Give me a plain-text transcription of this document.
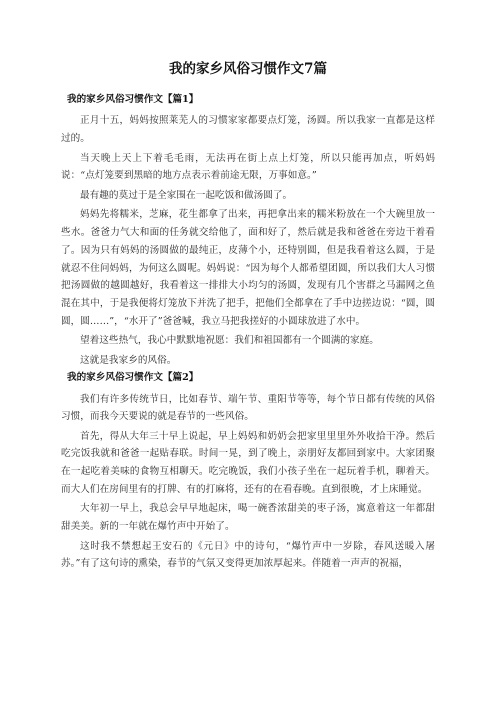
我的家乡风俗习惯作文7篇
我的家乡风俗习惯作文【篇1】

正月十五，妈妈按照莱芜人的习惯家家都要点灯笼，汤圆。所以我家一直都是这样过的。

当天晚上天上下着毛毛雨，无法再在街上点上灯笼，所以只能再加点，听妈妈说：“点灯笼要到黑暗的地方点表示着前途无限，万事如意。”

最有趣的莫过于是全家围在一起吃饭和做汤圆了。

妈妈先将糯米，芝麻，花生都拿了出来，再把拿出来的糯米粉放在一个大碗里放一些水。爸爸力气大和面的任务就交给他了，面和好了，然后就是我和爸爸在旁边干着看了。因为只有妈妈的汤圆做的最纯正，皮薄个小，还特别圆，但是我看着这么圆，于是就忍不住问妈妈，为何这么圆呢。妈妈说：“因为每个人都希望团圆，所以我们大人习惯把汤圆做的越圆越好，我看着这一排排大小均匀的汤圆，发现有几个害群之马漏网之鱼混在其中，于是我便将灯笼放下并洗了把手，把他们全都拿在了手中边搓边说：“圆，圆圆，圆……”，“水开了”爸爸喊，我立马把我搓好的小圆球放进了水中。

望着这些热气，我心中默默地祝愿：我们和祖国都有一个圆满的家庭。

这就是我家乡的风俗。

我的家乡风俗习惯作文【篇2】

我们有许多传统节日，比如春节、端午节、重阳节等等，每个节日都有传统的风俗习惯，而我今天要说的就是春节的一些风俗。

首先，得从大年三十早上说起，早上妈妈和奶奶会把家里里里外外收拾干净。然后吃完饭我就和爸爸一起贴春联。时间一晃，到了晚上，亲朋好友都回到家中。大家团聚在一起吃着美味的食物互相聊天。吃完晚饭，我们小孩子坐在一起玩着手机，聊着天。而大人们在房间里有的打牌、有的打麻将，还有的在看春晚。直到很晚，才上床睡觉。

大年初一早上，我总会早早地起床，喝一碗香浓甜美的枣子汤，寓意着这一年都甜甜美美。新的一年就在爆竹声中开始了。

这时我不禁想起王安石的《元日》中的诗句，“爆竹声中一岁除，春风送暖入屠苏。”有了这句诗的熏染，春节的气氛又变得更加浓厚起来。伴随着一声声的祝福，
